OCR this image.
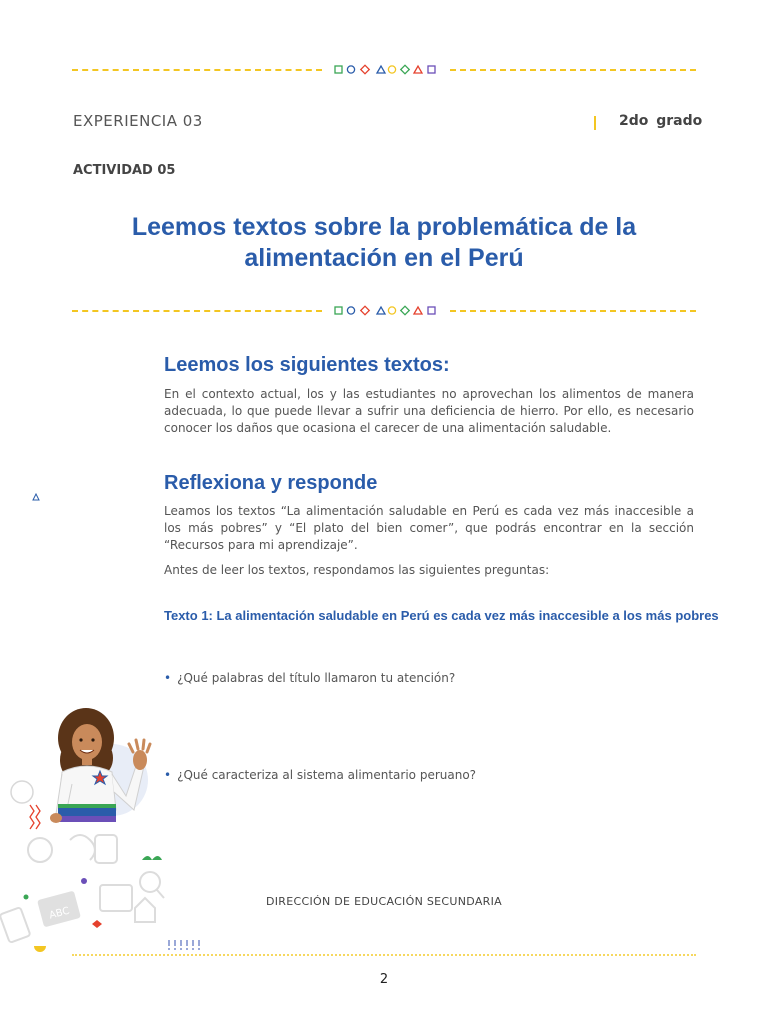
EXPERIENCIA 03	2do grado
ACTIVIDAD 05
Leemos textos sobre la problemática de la alimentación en el Perú
Leemos los siguientes textos:
En el contexto actual, los y las estudiantes no aprovechan los alimentos de manera adecuada, lo que puede llevar a sufrir una deficiencia de hierro. Por ello, es necesario conocer los daños que ocasiona el carecer de una alimentación saludable.
Reflexiona y responde
Leamos los textos “La alimentación saludable en Perú es cada vez más inaccesible a los más pobres” y “El plato del bien comer”, que podrás encontrar en la sección “Recursos para mi aprendizaje”.
Antes de leer los textos, respondamos las siguientes preguntas:
Texto 1: La alimentación saludable en Perú es cada vez más inaccesible a los más pobres
• ¿Qué palabras del título llamaron tu atención?
• ¿Qué caracteriza al sistema alimentario peruano?
ABC
DIRECCIÓN DE EDUCACIÓN SECUNDARIA
2
